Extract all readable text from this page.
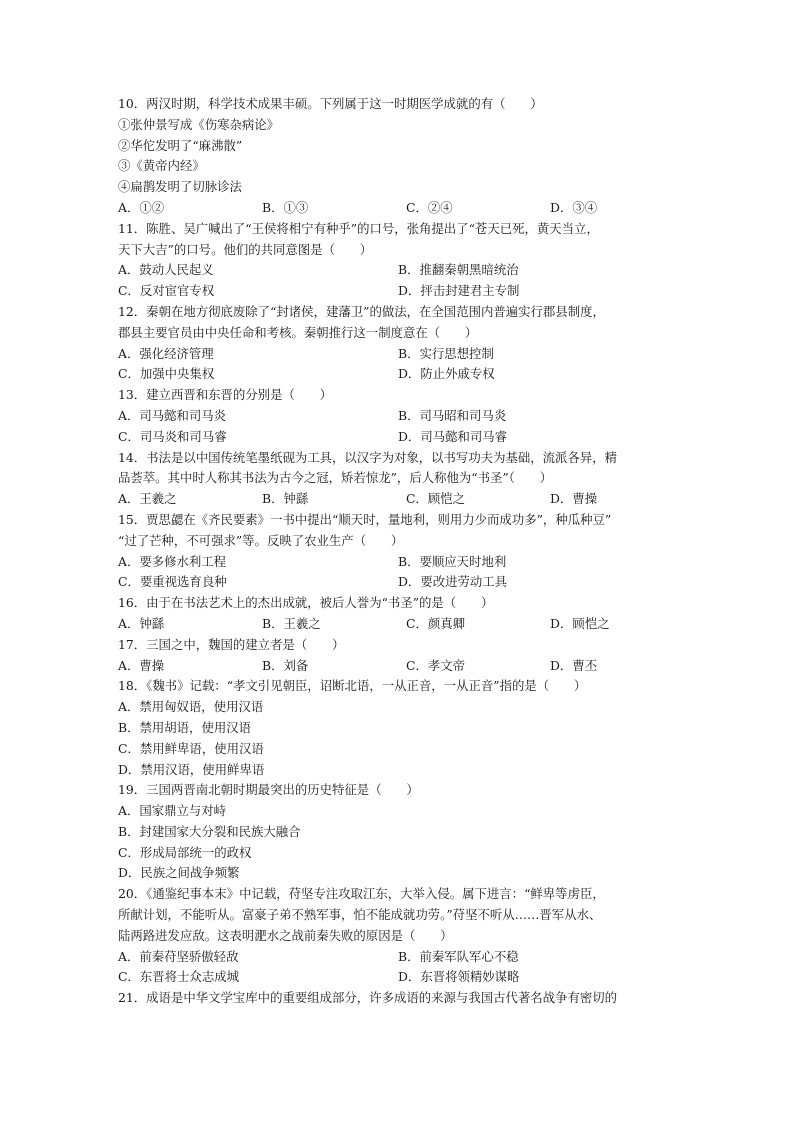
10．两汉时期，科学技术成果丰硕。下列属于这一时期医学成就的有（　　）
①张仲景写成《伤寒杂病论》
②华佗发明了“麻沸散”
③《黄帝内经》
④扁鹊发明了切脉诊法
A．①②	B．①③	C．②④	D．③④
11．陈胜、吴广喊出了“王侯将相宁有种乎”的口号，张角提出了“苍天已死，黄天当立，
天下大吉”的口号。他们的共同意图是（　　）
A．鼓动人民起义	B．推翻秦朝黑暗统治
C．反对宦官专权	D．抨击封建君主专制
12．秦朝在地方彻底废除了“封诸侯，建藩卫”的做法，在全国范围内普遍实行郡县制度，
郡县主要官员由中央任命和考核。秦朝推行这一制度意在（　　）
A．强化经济管理	B．实行思想控制
C．加强中央集权	D．防止外戚专权
13．建立西晋和东晋的分别是（　　）
A．司马懿和司马炎	B．司马昭和司马炎
C．司马炎和司马睿	D．司马懿和司马睿
14．书法是以中国传统笔墨纸砚为工具，以汉字为对象，以书写功夫为基础，流派各异，精
品荟萃。其中时人称其书法为古今之冠，矫若惊龙”，后人称他为“书圣”（　　）
A．王羲之	B．钟繇	C．顾恺之	D．曹操
15．贾思勰在《齐民要素》一书中提出“顺天时，量地利，则用力少而成功多”，种瓜种豆”
“过了芒种，不可强求”等。反映了农业生产（　　）
A．要多修水利工程	B．要顺应天时地利
C．要重视选育良种	D．要改进劳动工具
16．由于在书法艺术上的杰出成就，被后人誉为“书圣”的是（　　）
A．钟繇	B．王羲之	C．颜真卿	D．顾恺之
17．三国之中，魏国的建立者是（　　）
A．曹操	B．刘备	C．孝文帝	D．曹丕
18．《魏书》记载：“孝文引见朝臣，诏断北语，一从正音，一从正音”指的是（　　）
A．禁用匈奴语，使用汉语
B．禁用胡语，使用汉语
C．禁用鲜卑语，使用汉语
D．禁用汉语，使用鲜卑语
19．三国两晋南北朝时期最突出的历史特征是（　　）
A．国家鼎立与对峙
B．封建国家大分裂和民族大融合
C．形成局部统一的政权
D．民族之间战争频繁
20．《通鉴纪事本末》中记载，苻坚专注攻取江东，大举入侵。属下进言：“鲜卑等虏臣，
所献计划，不能听从。富豪子弟不熟军事，怕不能成就功劳。”苻坚不听从……晋军从水、
陆两路进发应敌。这表明淝水之战前秦失败的原因是（　　）
A．前秦苻坚骄傲轻敌	B．前秦军队军心不稳
C．东晋将士众志成城	D．东晋将领精妙谋略
21．成语是中华文学宝库中的重要组成部分，许多成语的来源与我国古代著名战争有密切的
